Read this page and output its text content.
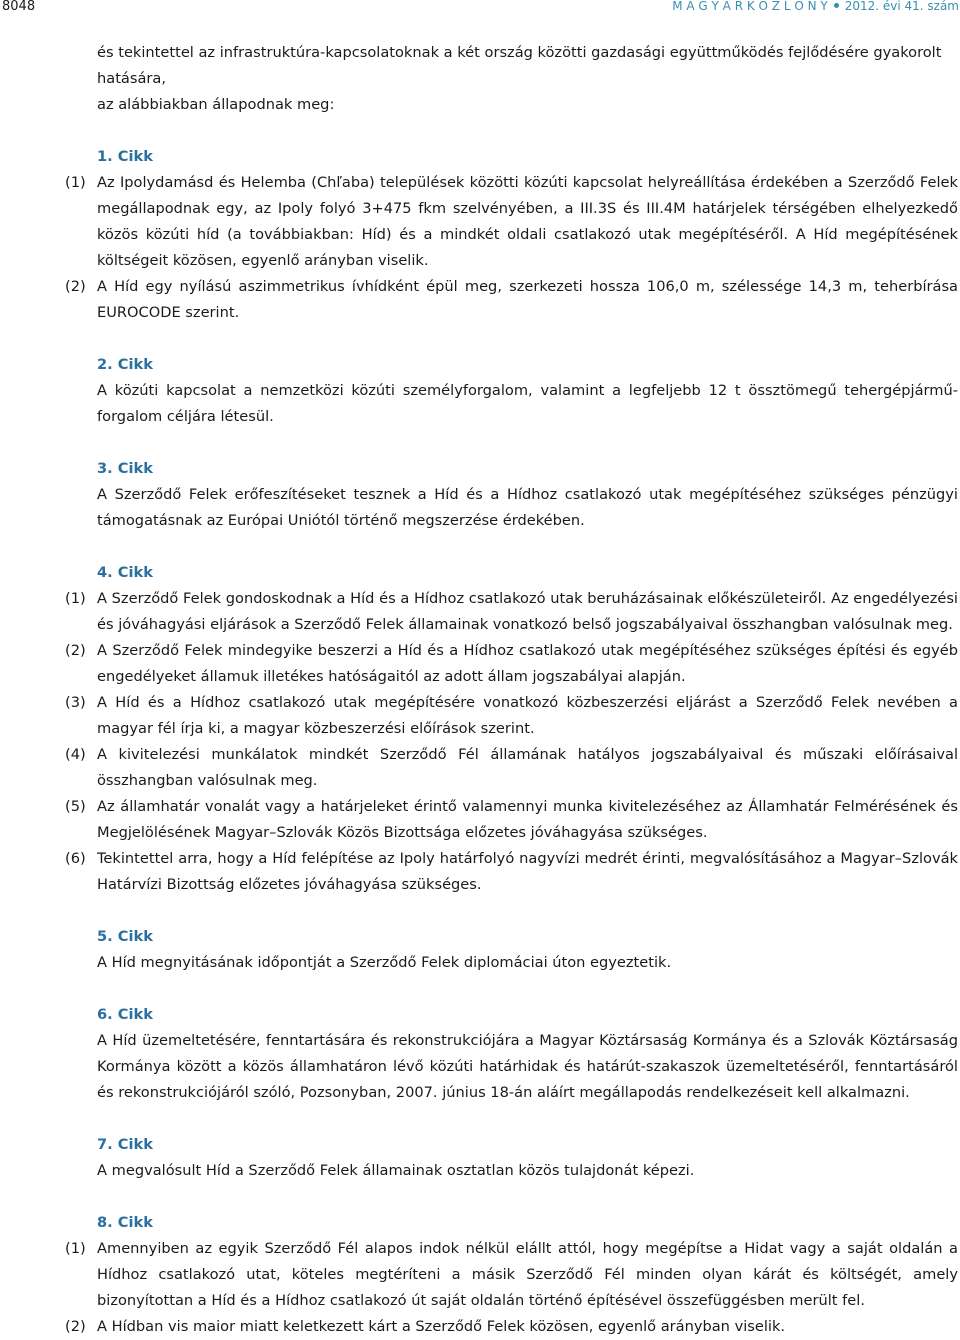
8048	M A G Y A R K Ö Z L Ö N Y 2012. évi 41. szám

és tekintettel az infrastruktúra-kapcsolatoknak a két ország közötti gazdasági együttműködés fejlődésére gyakorolt

hatására,

az alábbiakban állapodnak meg:

1. Cikk

(1) Az Ipolydamásd és Helemba (Chľaba) települések közötti közúti kapcsolat helyreállítása érdekében a Szerződő Felek megállapodnak egy, az Ipoly folyó 3+475 fkm szelvényében, a III.3S és III.4M határjelek térségében elhelyezkedő közös közúti híd (a továbbiakban: Híd) és a mindkét oldali csatlakozó utak megépítéséről. A Híd megépítésének költségeit közösen, egyenlő arányban viselik.

(2) A Híd egy nyílású aszimmetrikus ívhídként épül meg, szerkezeti hossza 106,0 m, szélessége 14,3 m, teherbírása EUROCODE szerint.

2. Cikk

A közúti kapcsolat a nemzetközi közúti személyforgalom, valamint a legfeljebb 12 t össztömegű tehergépjármű-forgalom céljára létesül.

3. Cikk

A Szerződő Felek erőfeszítéseket tesznek a Híd és a Hídhoz csatlakozó utak megépítéséhez szükséges pénzügyi támogatásnak az Európai Uniótól történő megszerzése érdekében.

4. Cikk

(1) A Szerződő Felek gondoskodnak a Híd és a Hídhoz csatlakozó utak beruházásainak előkészületeiről. Az engedélyezési és jóváhagyási eljárások a Szerződő Felek államainak vonatkozó belső jogszabályaival összhangban valósulnak meg.

(2) A Szerződő Felek mindegyike beszerzi a Híd és a Hídhoz csatlakozó utak megépítéséhez szükséges építési és egyéb engedélyeket államuk illetékes hatóságaitól az adott állam jogszabályai alapján.

(3) A Híd és a Hídhoz csatlakozó utak megépítésére vonatkozó közbeszerzési eljárást a Szerződő Felek nevében a magyar fél írja ki, a magyar közbeszerzési előírások szerint.

(4) A kivitelezési munkálatok mindkét Szerződő Fél államának hatályos jogszabályaival és műszaki előírásaival összhangban valósulnak meg.

(5) Az államhatár vonalát vagy a határjeleket érintő valamennyi munka kivitelezéséhez az Államhatár Felmérésének és Megjelölésének Magyar–Szlovák Közös Bizottsága előzetes jóváhagyása szükséges.

(6) Tekintettel arra, hogy a Híd felépítése az Ipoly határfolyó nagyvízi medrét érinti, megvalósításához a Magyar–Szlovák Határvízi Bizottság előzetes jóváhagyása szükséges.

5. Cikk

A Híd megnyitásának időpontját a Szerződő Felek diplomáciai úton egyeztetik.

6. Cikk

A Híd üzemeltetésére, fenntartására és rekonstrukciójára a Magyar Köztársaság Kormánya és a Szlovák Köztársaság Kormánya között a közös államhatáron lévő közúti határhidak és határút-szakaszok üzemeltetéséről, fenntartásáról és rekonstrukciójáról szóló, Pozsonyban, 2007. június 18-án aláírt megállapodás rendelkezéseit kell alkalmazni.

7. Cikk

A megvalósult Híd a Szerződő Felek államainak osztatlan közös tulajdonát képezi.

8. Cikk

(1) Amennyiben az egyik Szerződő Fél alapos indok nélkül elállt attól, hogy megépítse a Hidat vagy a saját oldalán a Hídhoz csatlakozó utat, köteles megtéríteni a másik Szerződő Fél minden olyan kárát és költségét, amely bizonyítottan a Híd és a Hídhoz csatlakozó út saját oldalán történő építésével összefüggésben merült fel.

(2) A Hídban vis maior miatt keletkezett kárt a Szerződő Felek közösen, egyenlő arányban viselik.
